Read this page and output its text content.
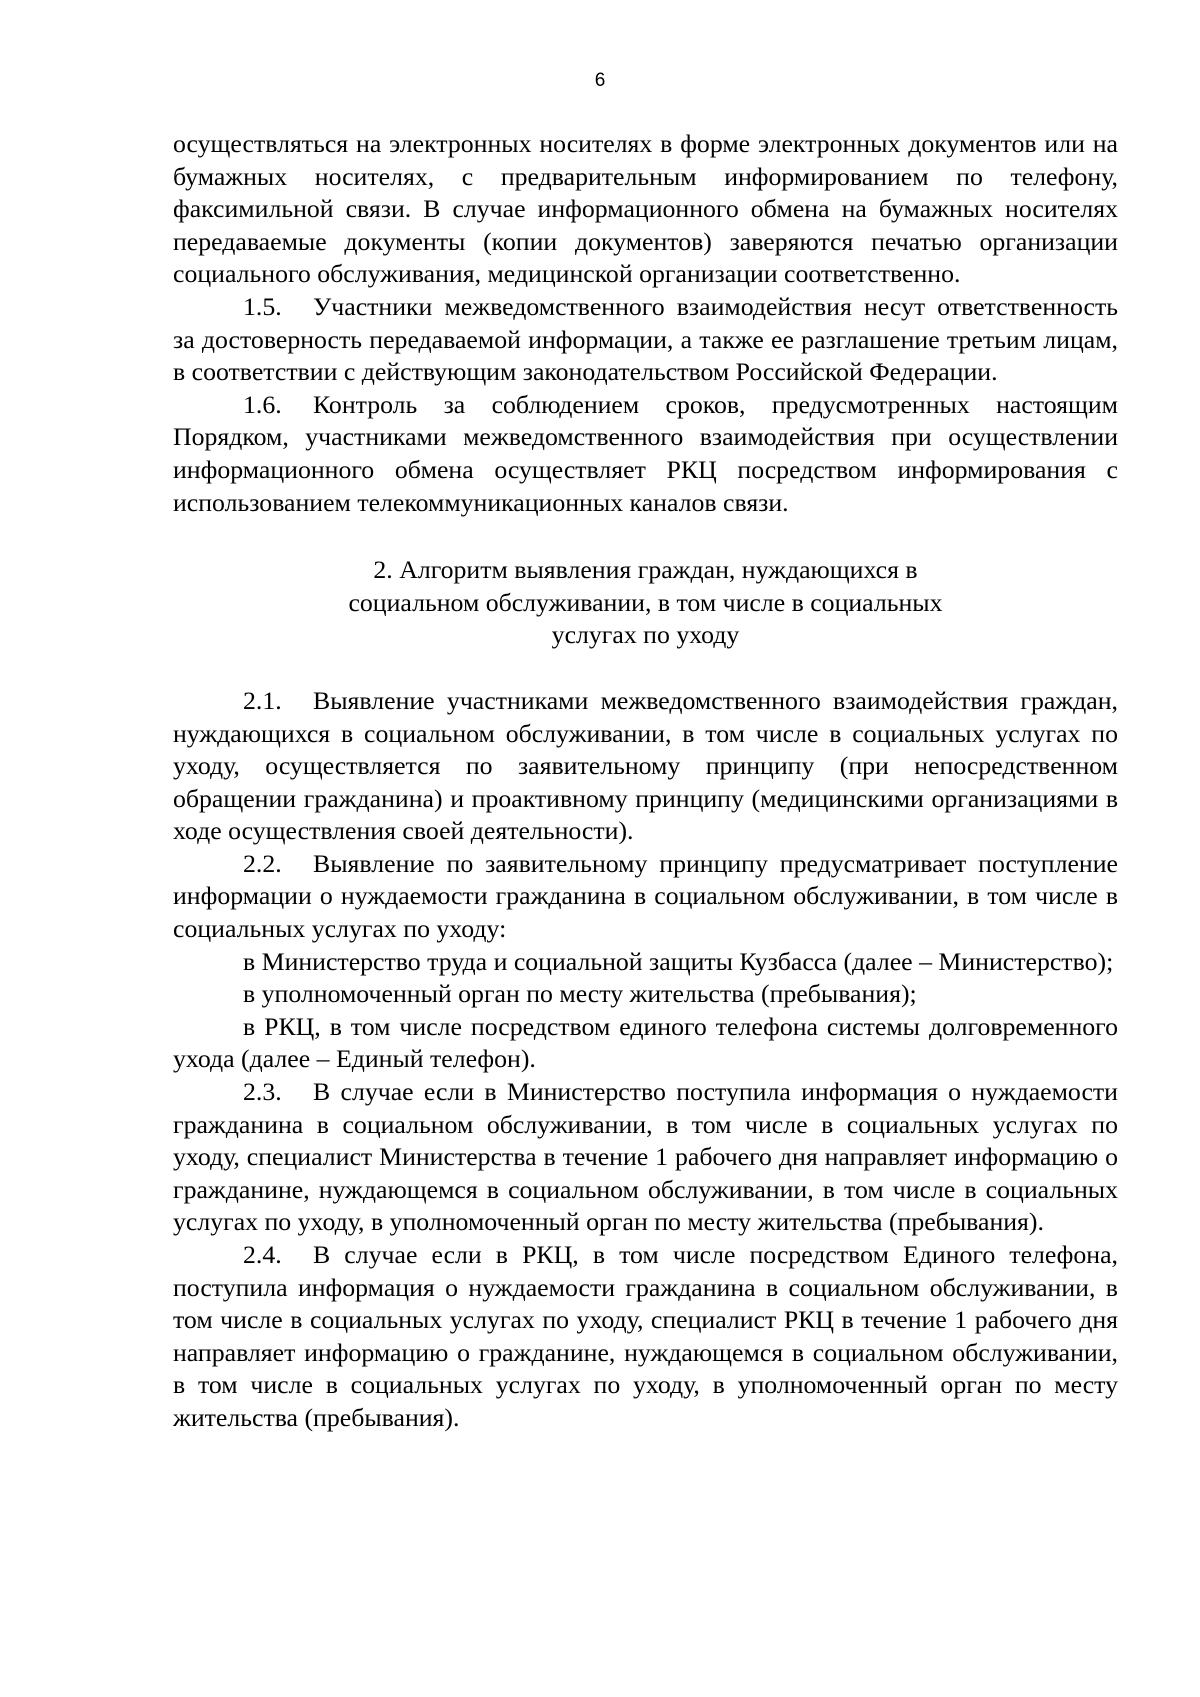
6

осуществляться на электронных носителях в форме электронных документов или на бумажных носителях, с предварительным информированием по телефону, факсимильной связи. В случае информационного обмена на бумажных носителях передаваемые документы (копии документов) заверяются печатью организации социального обслуживания, медицинской организации соответственно.

1.5. Участники межведомственного взаимодействия несут ответственность за достоверность передаваемой информации, а также ее разглашение третьим лицам, в соответствии с действующим законодательством Российской Федерации.

1.6. Контроль за соблюдением сроков, предусмотренных настоящим Порядком, участниками межведомственного взаимодействия при осуществлении информационного обмена осуществляет РКЦ посредством информирования с использованием телекоммуникационных каналов связи.

2. Алгоритм выявления граждан, нуждающихся в
социальном обслуживании, в том числе в социальных
услугах по уходу

2.1. Выявление участниками межведомственного взаимодействия граждан, нуждающихся в социальном обслуживании, в том числе в социальных услугах по уходу, осуществляется по заявительному принципу (при непосредственном обращении гражданина) и проактивному принципу (медицинскими организациями в ходе осуществления своей деятельности).

2.2. Выявление по заявительному принципу предусматривает поступление информации о нуждаемости гражданина в социальном обслуживании, в том числе в социальных услугах по уходу:

в Министерство труда и социальной защиты Кузбасса (далее – Министерство);

в уполномоченный орган по месту жительства (пребывания);

в РКЦ, в том числе посредством единого телефона системы долговременного ухода (далее – Единый телефон).

2.3. В случае если в Министерство поступила информация о нуждаемости гражданина в социальном обслуживании, в том числе в социальных услугах по уходу, специалист Министерства в течение 1 рабочего дня направляет информацию о гражданине, нуждающемся в социальном обслуживании, в том числе в социальных услугах по уходу, в уполномоченный орган по месту жительства (пребывания).

2.4. В случае если в РКЦ, в том числе посредством Единого телефона, поступила информация о нуждаемости гражданина в социальном обслуживании, в том числе в социальных услугах по уходу, специалист РКЦ в течение 1 рабочего дня направляет информацию о гражданине, нуждающемся в социальном обслуживании, в том числе в социальных услугах по уходу, в уполномоченный орган по месту жительства (пребывания).
